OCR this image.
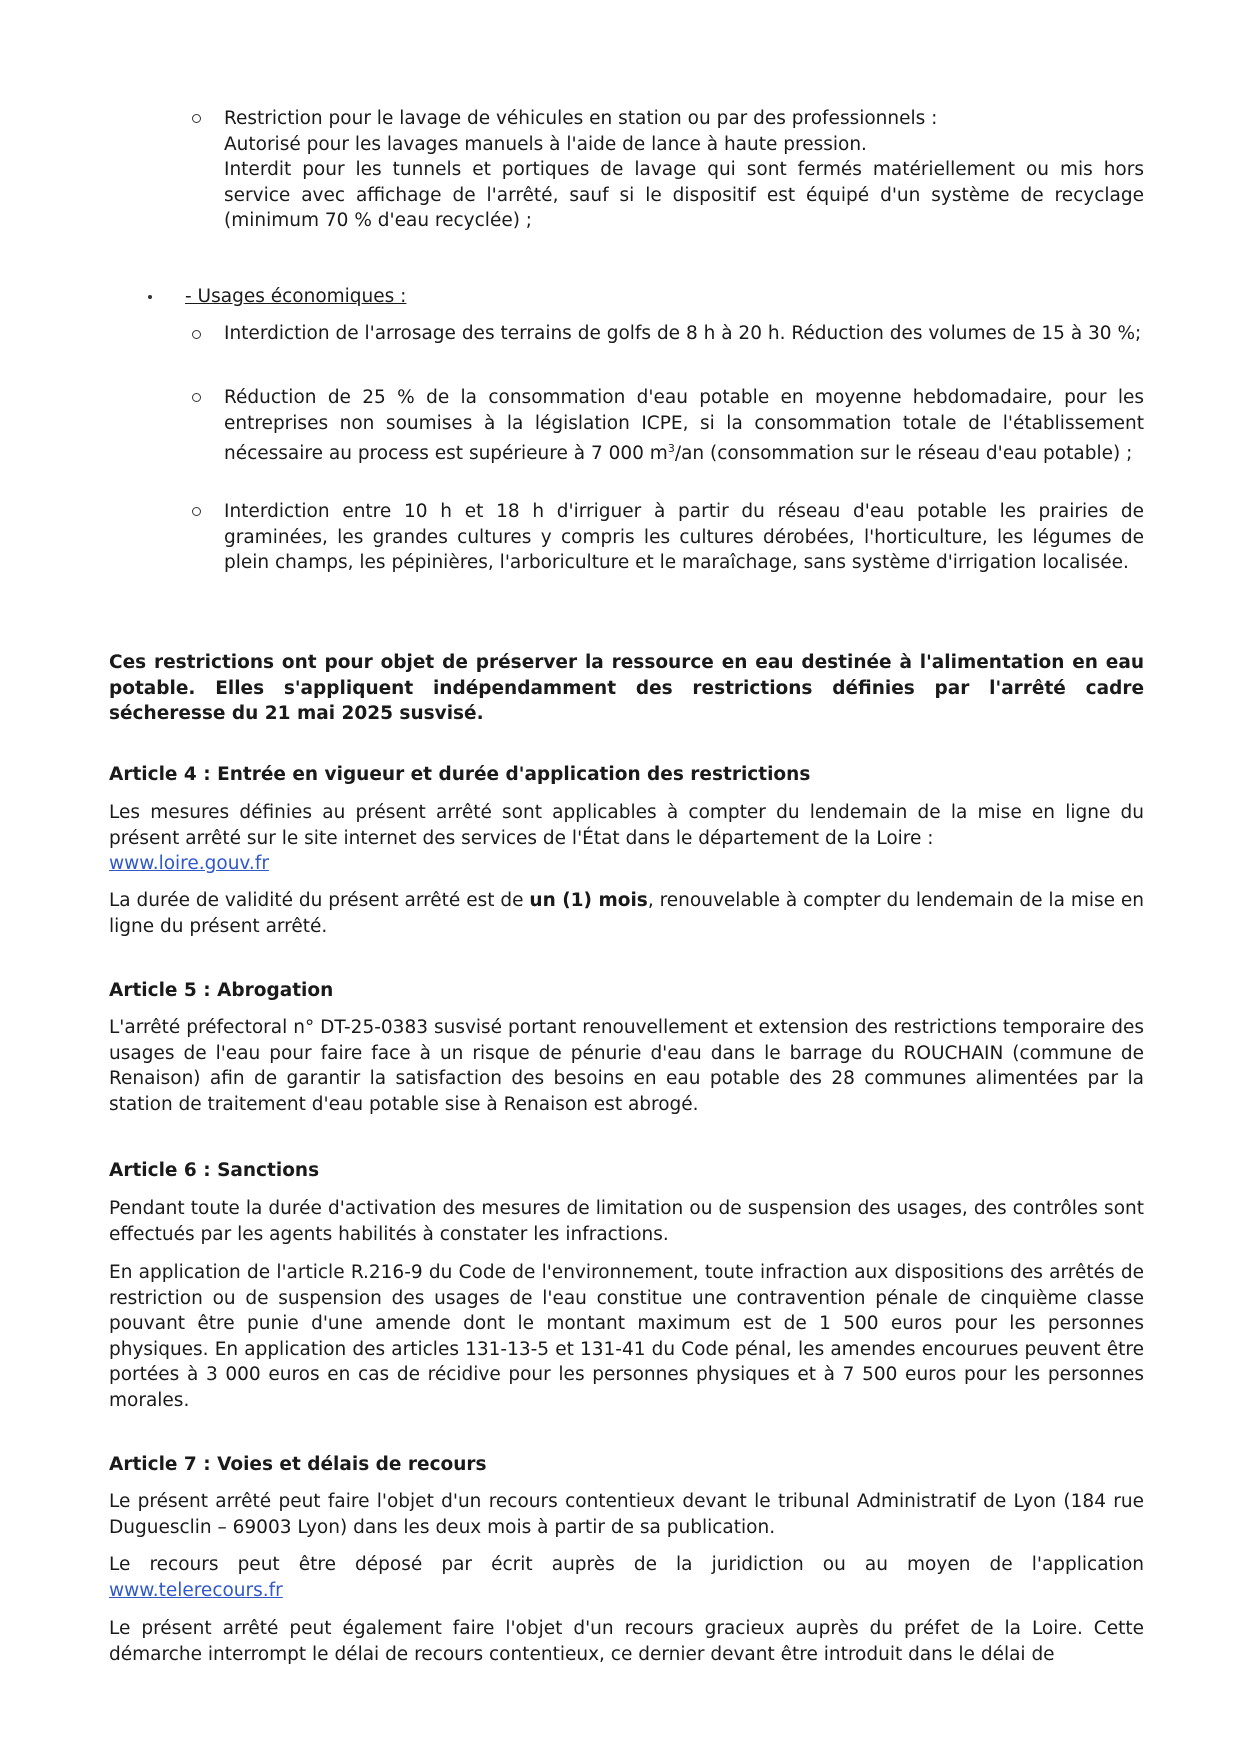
Restriction pour le lavage de véhicules en station ou par des professionnels :
Autorisé pour les lavages manuels à l'aide de lance à haute pression.
Interdit pour les tunnels et portiques de lavage qui sont fermés matériellement ou mis hors
service avec affichage de l'arrêté, sauf si le dispositif est équipé d'un système de recyclage
(minimum 70 % d'eau recyclée) ;
- Usages économiques :
Interdiction de l'arrosage des terrains de golfs de 8 h à 20 h. Réduction des volumes de 15 à 30 %;
Réduction de 25 % de la consommation d'eau potable en moyenne hebdomadaire, pour les entreprises non soumises à la législation ICPE, si la consommation totale de l'établissement nécessaire au process est supérieure à 7 000 $m^3/an$ (consommation sur le réseau d'eau potable) ;
Interdiction entre 10 h et 18 h d'irriguer à partir du réseau d'eau potable les prairies de graminées, les grandes cultures y compris les cultures dérobées, l'horticulture, les légumes de plein champs, les pépinières, l'arboriculture et le maraîchage, sans système d'irrigation localisée.
Ces restrictions ont pour objet de préserver la ressource en eau destinée à l'alimentation en eau potable. Elles s'appliquent indépendamment des restrictions définies par l'arrêté cadre sécheresse du 21 mai 2025 susvisé.
Article 4 : Entrée en vigueur et durée d'application des restrictions
Les mesures définies au présent arrêté sont applicables à compter du lendemain de la mise en ligne du présent arrêté sur le site internet des services de l'État dans le département de la Loire :
www.loire.gouv.fr
La durée de validité du présent arrêté est de un (1) mois, renouvelable à compter du lendemain de la mise en ligne du présent arrêté.
Article 5 : Abrogation
L'arrêté préfectoral n° DT-25-0383 susvisé portant renouvellement et extension des restrictions temporaire des usages de l'eau pour faire face à un risque de pénurie d'eau dans le barrage du ROUCHAIN (commune de Renaison) afin de garantir la satisfaction des besoins en eau potable des 28 communes alimentées par la station de traitement d'eau potable sise à Renaison est abrogé.
Article 6 : Sanctions
Pendant toute la durée d'activation des mesures de limitation ou de suspension des usages, des contrôles sont effectués par les agents habilités à constater les infractions.
En application de l'article R.216-9 du Code de l'environnement, toute infraction aux dispositions des arrêtés de restriction ou de suspension des usages de l'eau constitue une contravention pénale de cinquième classe pouvant être punie d'une amende dont le montant maximum est de 1 500 euros pour les personnes physiques. En application des articles 131-13-5 et 131-41 du Code pénal, les amendes encourues peuvent être portées à 3 000 euros en cas de récidive pour les personnes physiques et à 7 500 euros pour les personnes morales.
Article 7 : Voies et délais de recours
Le présent arrêté peut faire l'objet d'un recours contentieux devant le tribunal Administratif de Lyon (184 rue Duguesclin – 69003 Lyon) dans les deux mois à partir de sa publication.
Le recours peut être déposé par écrit auprès de la juridiction ou au moyen de l'application
www.telerecours.fr
Le présent arrêté peut également faire l'objet d'un recours gracieux auprès du préfet de la Loire. Cette démarche interrompt le délai de recours contentieux, ce dernier devant être introduit dans le délai de
